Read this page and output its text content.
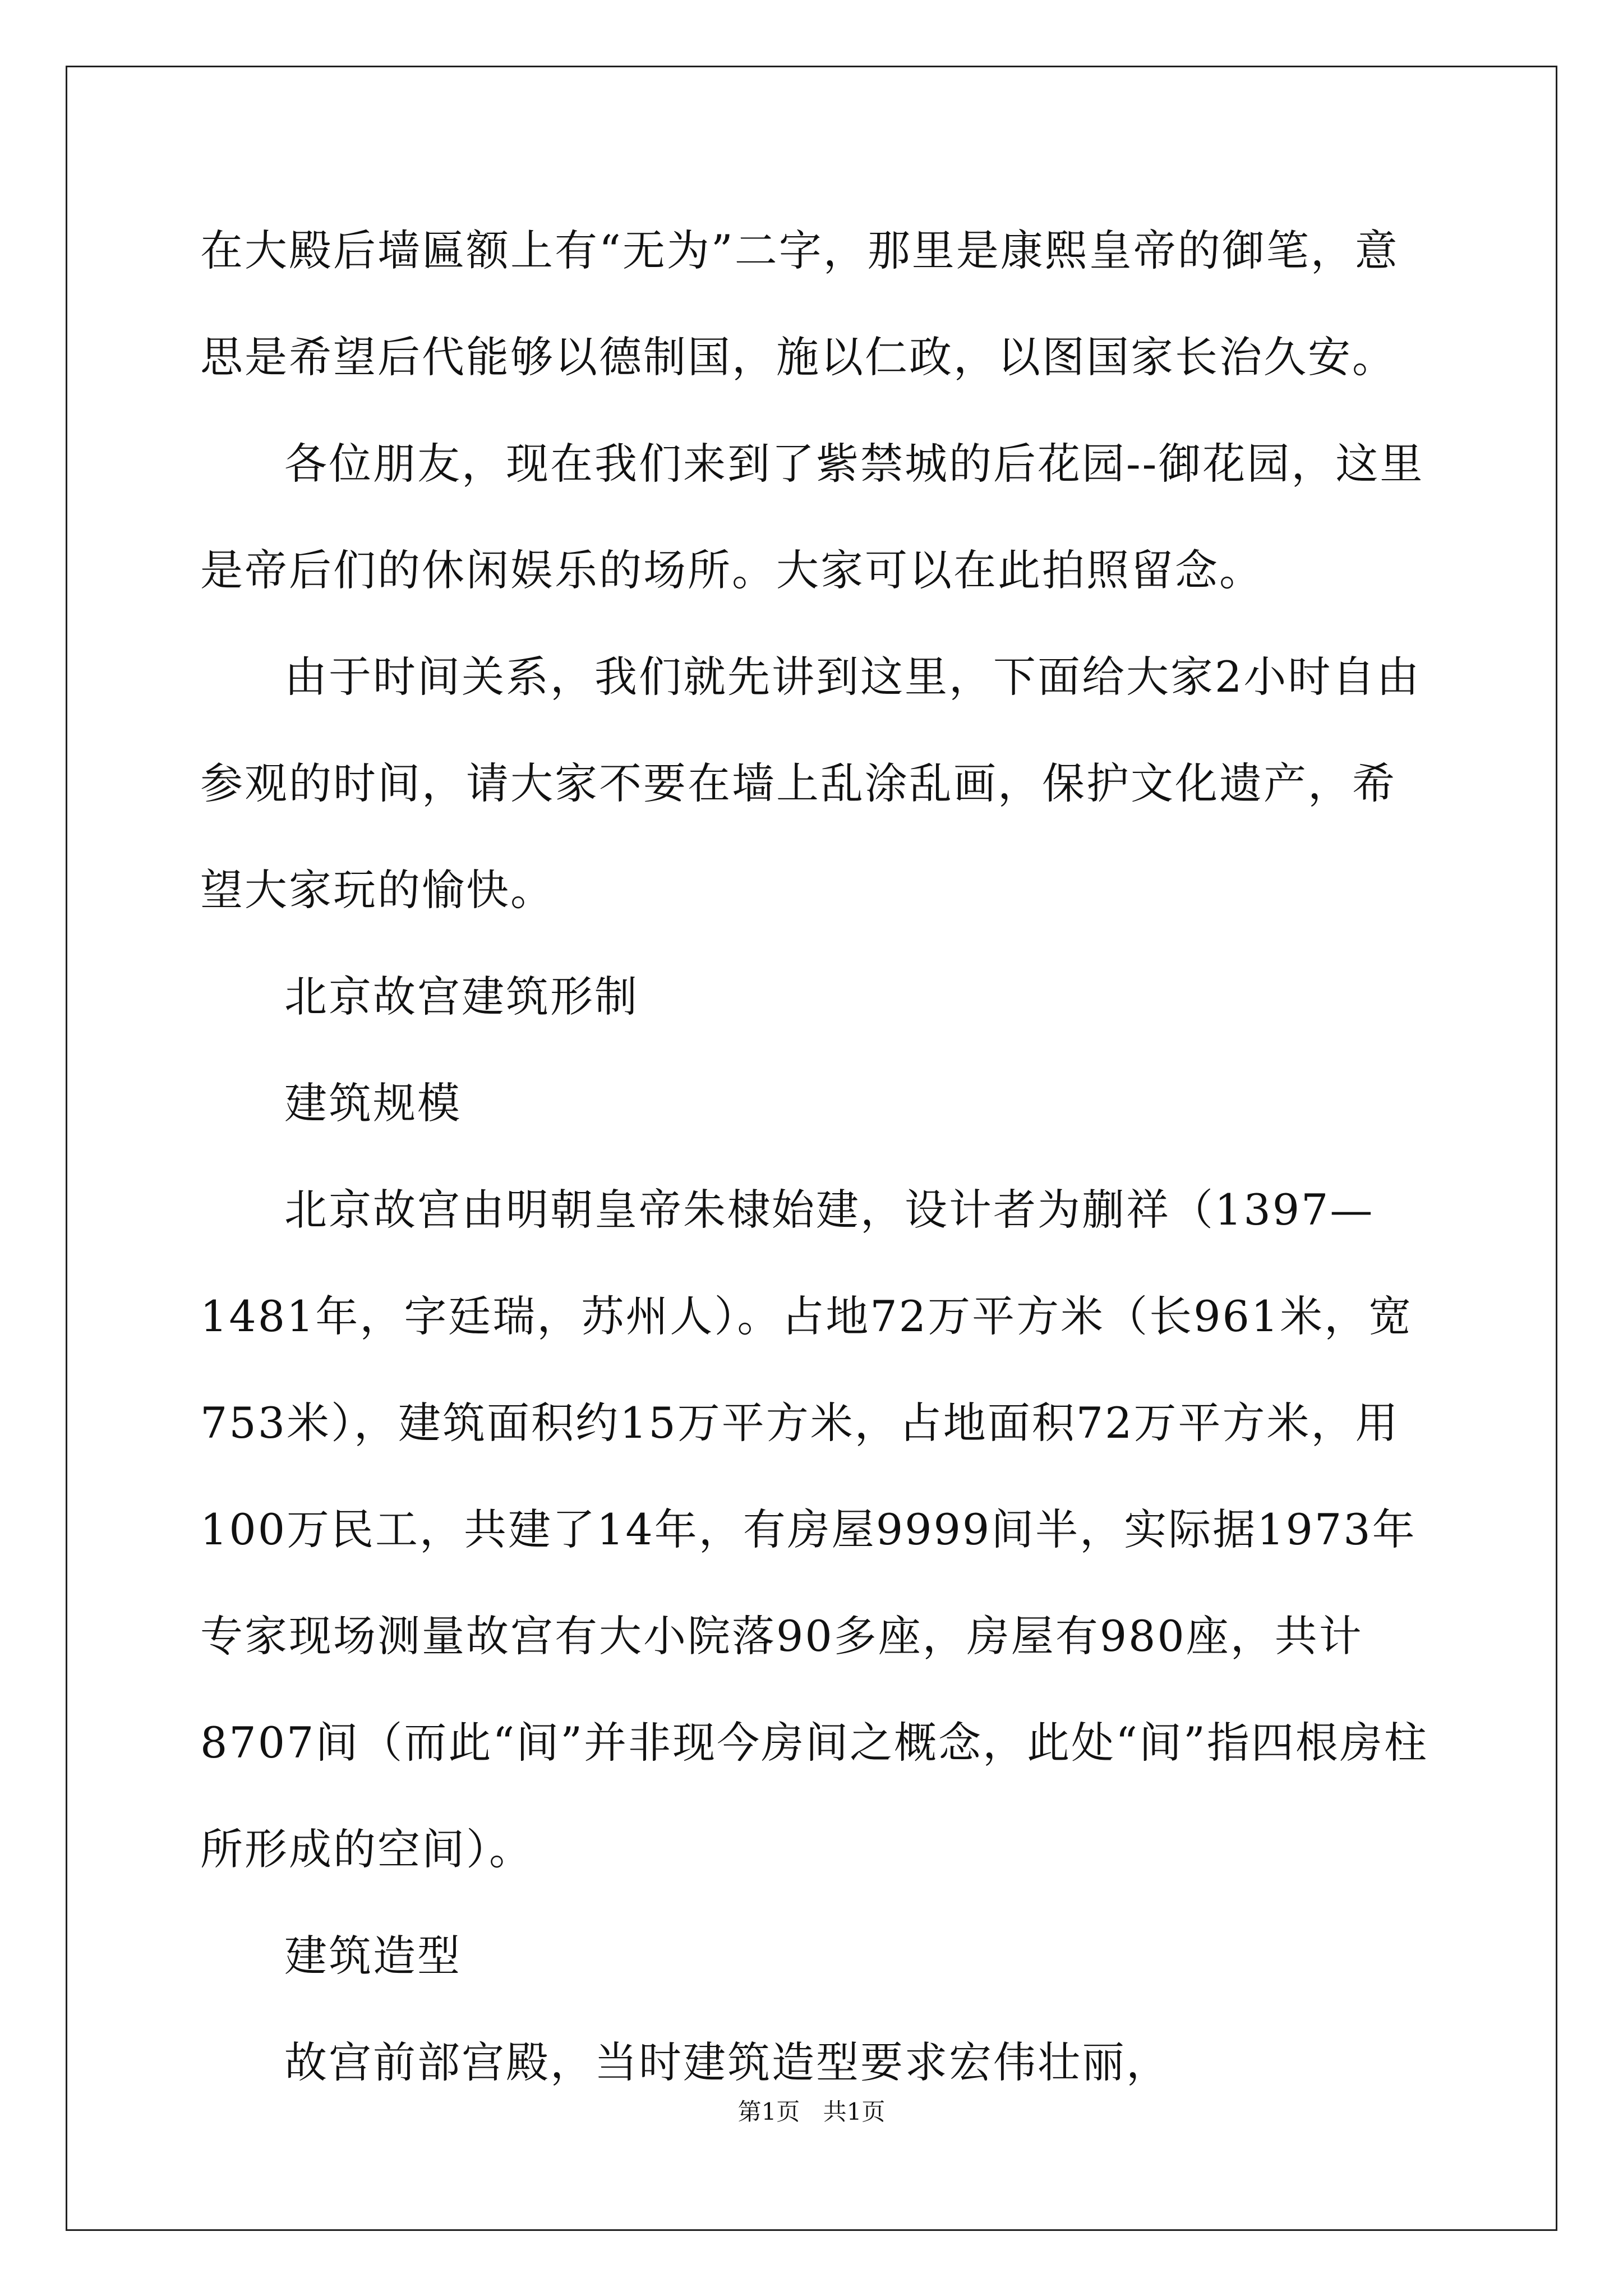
在大殿后墙匾额上有“无为”二字，那里是康熙皇帝的御笔，意思是希望后代能够以德制国，施以仁政，以图国家长治久安。

各位朋友，现在我们来到了紫禁城的后花园--御花园，这里是帝后们的休闲娱乐的场所。大家可以在此拍照留念。

由于时间关系，我们就先讲到这里，下面给大家2小时自由参观的时间，请大家不要在墙上乱涂乱画，保护文化遗产，希望大家玩的愉快。

北京故宫建筑形制

建筑规模

北京故宫由明朝皇帝朱棣始建，设计者为蒯祥（1397—1481年，字廷瑞，苏州人）。占地72万平方米（长961米，宽753米），建筑面积约15万平方米，占地面积72万平方米，用100万民工，共建了14年，有房屋9999间半，实际据1973年专家现场测量故宫有大小院落90多座，房屋有980座，共计8707间（而此“间”并非现今房间之概念，此处“间”指四根房柱所形成的空间）。

建筑造型

故宫前部宫殿，当时建筑造型要求宏伟壮丽，

第1页 共1页
